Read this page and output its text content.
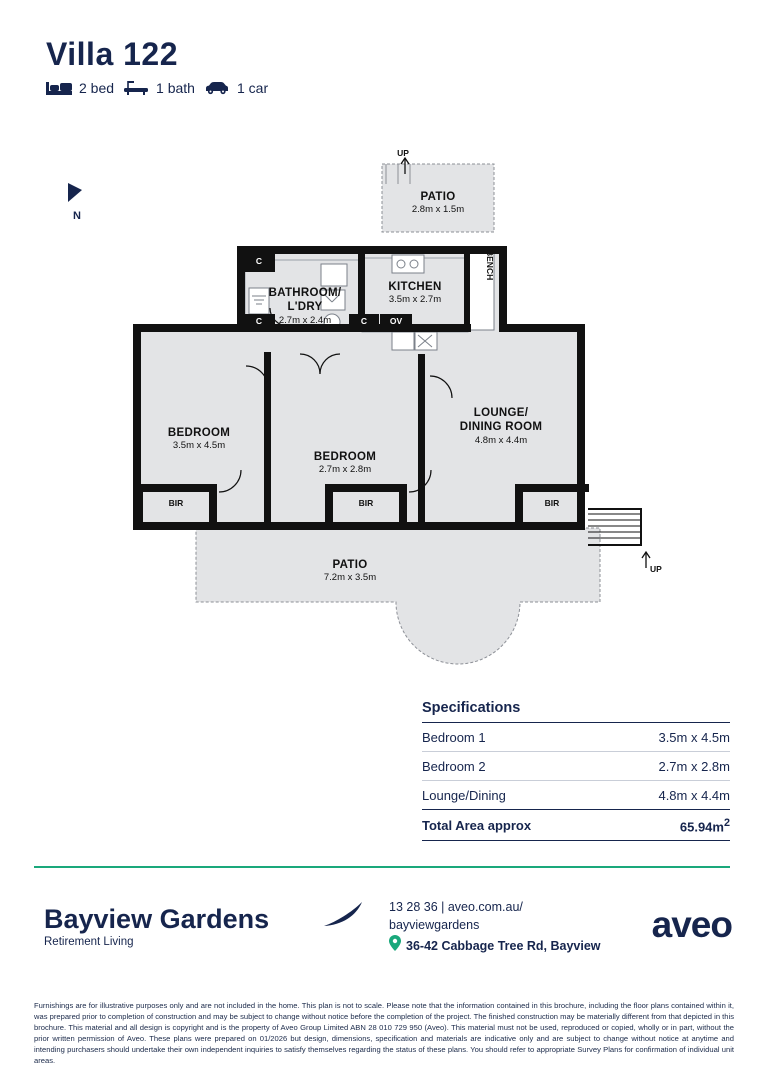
Villa 122
2 bed	1 bath	1 car
N
UP
PATIO
2.8m x 1.5m
KITCHEN
3.5m x 2.7m
BATHROOM/
L'DRY
2.7m x 2.4m
BEDROOM
3.5m x 4.5m
BEDROOM
2.7m x 2.8m
LOUNGE/
DINING ROOM
4.8m x 4.4m
PATIO
7.2m x 3.5m
C
C	C	OV
BENCH
BIR	BIR	BIR
UP
Specifications
Bedroom 1	3.5m x 4.5m
Bedroom 2	2.7m x 2.8m
Lounge/Dining	4.8m x 4.4m
Total Area approx	$65.94m^2$
Bayview Gardens
Retirement Living
13 28 36 | aveo.com.au/
bayviewgardens
36-42 Cabbage Tree Rd, Bayview
aveo
Furnishings are for illustrative purposes only and are not included in the home. This plan is not to scale. Please note that the information contained in this brochure, including the floor plans contained within it, was prepared prior to completion of construction and may be subject to change without notice before the completion of the project. The finished construction may be materially different from that depicted in this brochure. This material and all design is copyright and is the property of Aveo Group Limited ABN 28 010 729 950 (Aveo). This material must not be used, reproduced or copied, wholly or in part, without the prior written permission of Aveo. These plans were prepared on 01/2026 but design, dimensions, specification and materials are indicative only and are subject to change without notice at anytime and intending purchasers should undertake their own independent inquiries to satisfy themselves regarding the status of these plans. You should refer to appropriate Survey Plans for confirmation of individual unit areas.
